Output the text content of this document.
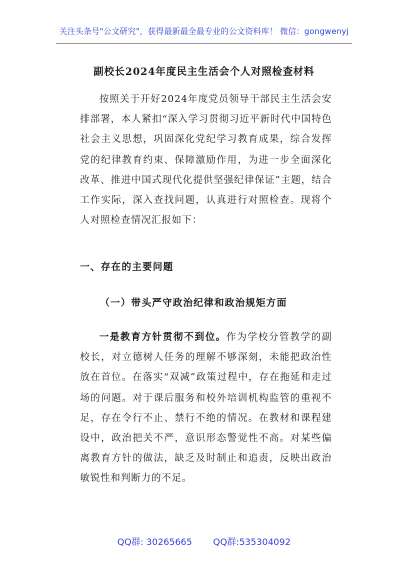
关注头条号"公文研究"，获得最新最全最专业的公文资料库！ 微信：gongwenyj
副校长2024年度民主生活会个人对照检查材料

按照关于开好2024年度党员领导干部民主生活会安排部署，本人紧扣“深入学习贯彻习近平新时代中国特色社会主义思想，巩固深化党纪学习教育成果，综合发挥党的纪律教育约束、保障激励作用，为进一步全面深化改革、推进中国式现代化提供坚强纪律保证”主题，结合工作实际，深入查找问题，认真进行对照检查。现将个人对照检查情况汇报如下：

一、存在的主要问题
（一）带头严守政治纪律和政治规矩方面

一是教育方针贯彻不到位。作为学校分管教学的副校长，对立德树人任务的理解不够深刻，未能把政治性放在首位。在落实“双减”政策过程中，存在拖延和走过场的问题。对于课后服务和校外培训机构监管的重视不足，存在令行不止、禁行不绝的情况。在教材和课程建设中，政治把关不严，意识形态警觉性不高。对某些偏离教育方针的做法，缺乏及时制止和追责，反映出政治敏锐性和判断力的不足。

QQ群: 30265665 QQ群:535304092
